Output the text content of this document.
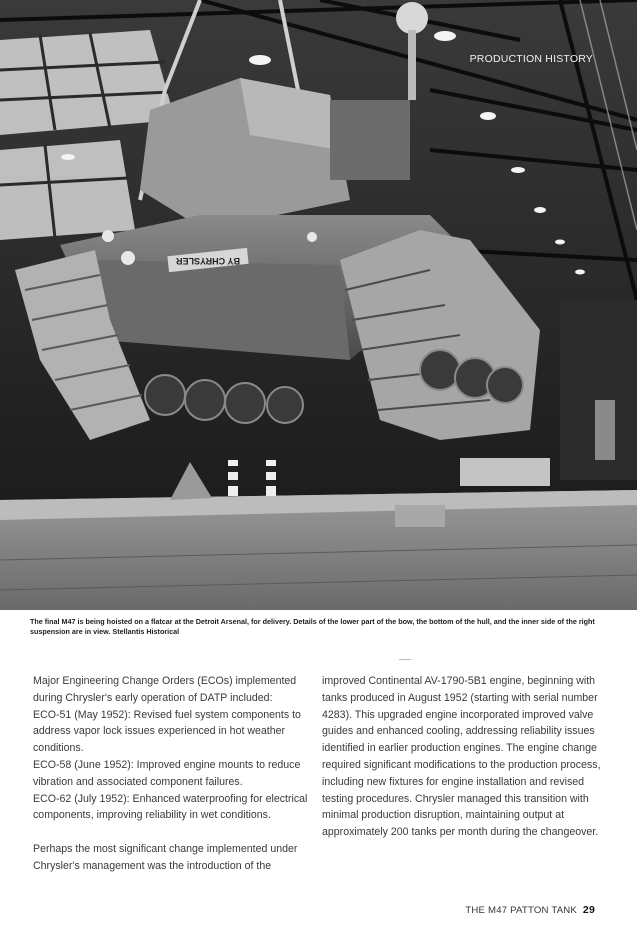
BY CHRYSLER
PRODUCTION HISTORY
The final M47 is being hoisted on a flatcar at the Detroit Arsenal, for delivery. Details of the lower part of the bow, the bottom of the hull, and the inner side of the right suspension are in view. Stellantis Historical

Major Engineering Change Orders (ECOs) implemented during Chrysler's early operation of DATP included:

ECO-51 (May 1952): Revised fuel system components to address vapor lock issues experienced in hot weather conditions.

ECO-58 (June 1952): Improved engine mounts to reduce vibration and associated component failures.

ECO-62 (July 1952): Enhanced waterproofing for electrical components, improving reliability in wet conditions.

Perhaps the most significant change implemented under Chrysler's management was the introduction of the

improved Continental AV-1790-5B1 engine, beginning with tanks produced in August 1952 (starting with serial number 4283). This upgraded engine incorporated improved valve guides and enhanced cooling, addressing reliability issues identified in earlier production engines. The engine change required significant modifications to the production process, including new fixtures for engine installation and revised testing procedures. Chrysler managed this transition with minimal production disruption, maintaining output at approximately 200 tanks per month during the changeover.

THE M47 PATTON TANK 29
